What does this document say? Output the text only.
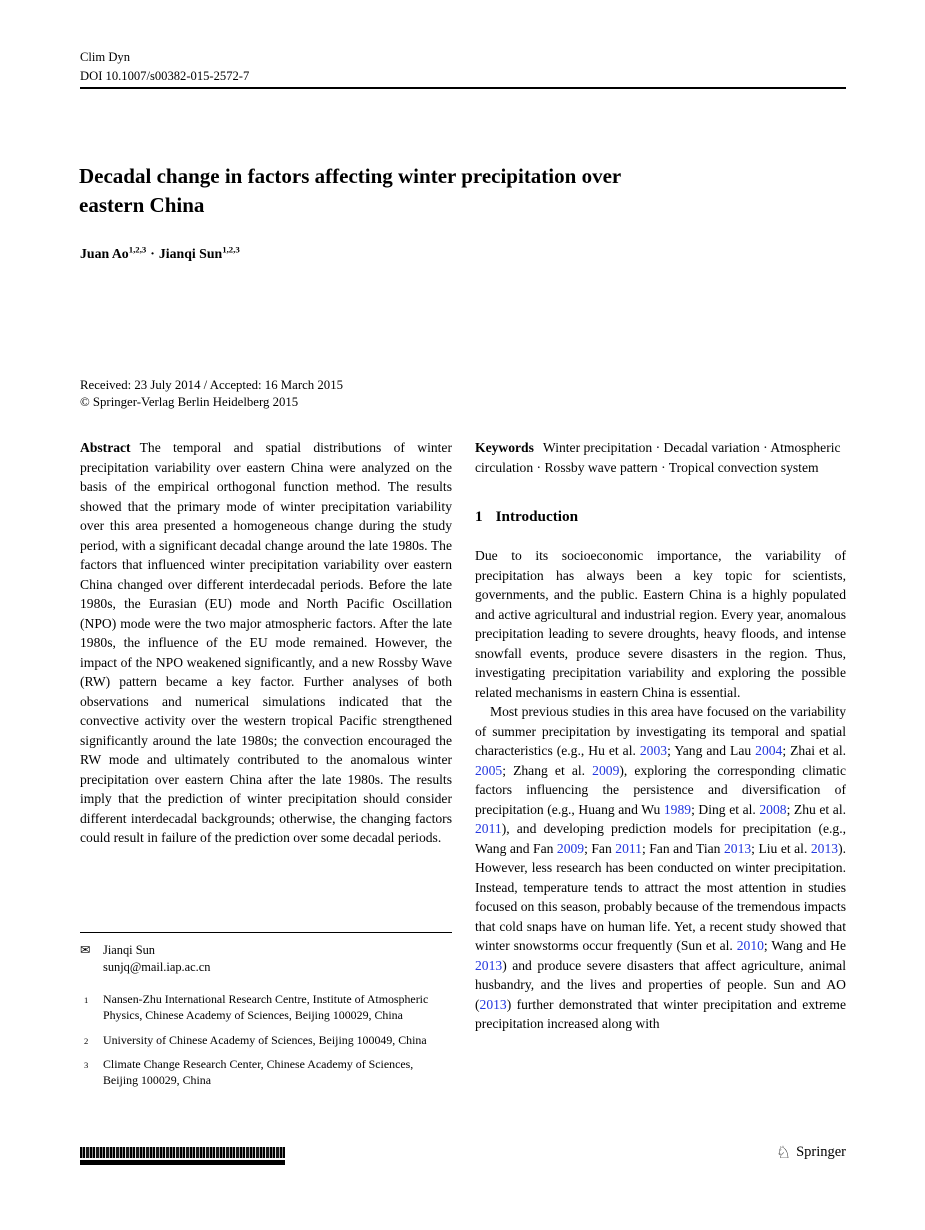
Clim Dyn
DOI 10.1007/s00382-015-2572-7
Decadal change in factors affecting winter precipitation over eastern China
Juan Ao$^{1,2,3}$ · Jianqi Sun$^{1,2,3}$
Received: 23 July 2014 / Accepted: 16 March 2015
© Springer-Verlag Berlin Heidelberg 2015

Abstract The temporal and spatial distributions of winter precipitation variability over eastern China were analyzed on the basis of the empirical orthogonal function method. The results showed that the primary mode of winter precipitation variability over this area presented a homogeneous change during the study period, with a significant decadal change around the late 1980s. The factors that influenced winter precipitation variability over eastern China changed over different interdecadal periods. Before the late 1980s, the Eurasian (EU) mode and North Pacific Oscillation (NPO) mode were the two major atmospheric factors. After the late 1980s, the influence of the EU mode remained. However, the impact of the NPO weakened significantly, and a new Rossby Wave (RW) pattern became a key factor. Further analyses of both observations and numerical simulations indicated that the convective activity over the western tropical Pacific strengthened significantly around the late 1980s; the convection encouraged the RW mode and ultimately contributed to the anomalous winter precipitation over eastern China after the late 1980s. The results imply that the prediction of winter precipitation should consider different interdecadal backgrounds; otherwise, the changing factors could result in failure of the prediction over some decadal periods.

Keywords Winter precipitation · Decadal variation · Atmospheric circulation · Rossby wave pattern · Tropical convection system

1 Introduction

Due to its socioeconomic importance, the variability of precipitation has always been a key topic for scientists, governments, and the public. Eastern China is a highly populated and active agricultural and industrial region. Every year, anomalous precipitation leading to severe droughts, heavy floods, and intense snowfall events, produce severe disasters in the region. Thus, investigating precipitation variability and exploring the possible related mechanisms in eastern China is essential.

Most previous studies in this area have focused on the variability of summer precipitation by investigating its temporal and spatial characteristics (e.g., Hu et al. 2003; Yang and Lau 2004; Zhai et al. 2005; Zhang et al. 2009), exploring the corresponding climatic factors influencing the persistence and diversification of precipitation (e.g., Huang and Wu 1989; Ding et al. 2008; Zhu et al. 2011), and developing prediction models for precipitation (e.g., Wang and Fan 2009; Fan 2011; Fan and Tian 2013; Liu et al. 2013). However, less research has been conducted on winter precipitation. Instead, temperature tends to attract the most attention in studies focused on this season, probably because of the tremendous impacts that cold snaps have on human life. Yet, a recent study showed that winter snowstorms occur frequently (Sun et al. 2010; Wang and He 2013) and produce severe disasters that affect agriculture, animal husbandry, and the lives and properties of people. Sun and AO (2013) further demonstrated that winter precipitation and extreme precipitation increased along with

✉	Jianqi Sun
sunjq@mail.iap.ac.cn
1 Nansen-Zhu International Research Centre, Institute of Atmospheric Physics, Chinese Academy of Sciences, Beijing 100029, China
2 University of Chinese Academy of Sciences, Beijing 100049, China
3 Climate Change Research Center, Chinese Academy of Sciences, Beijing 100029, China
♘ Springer
